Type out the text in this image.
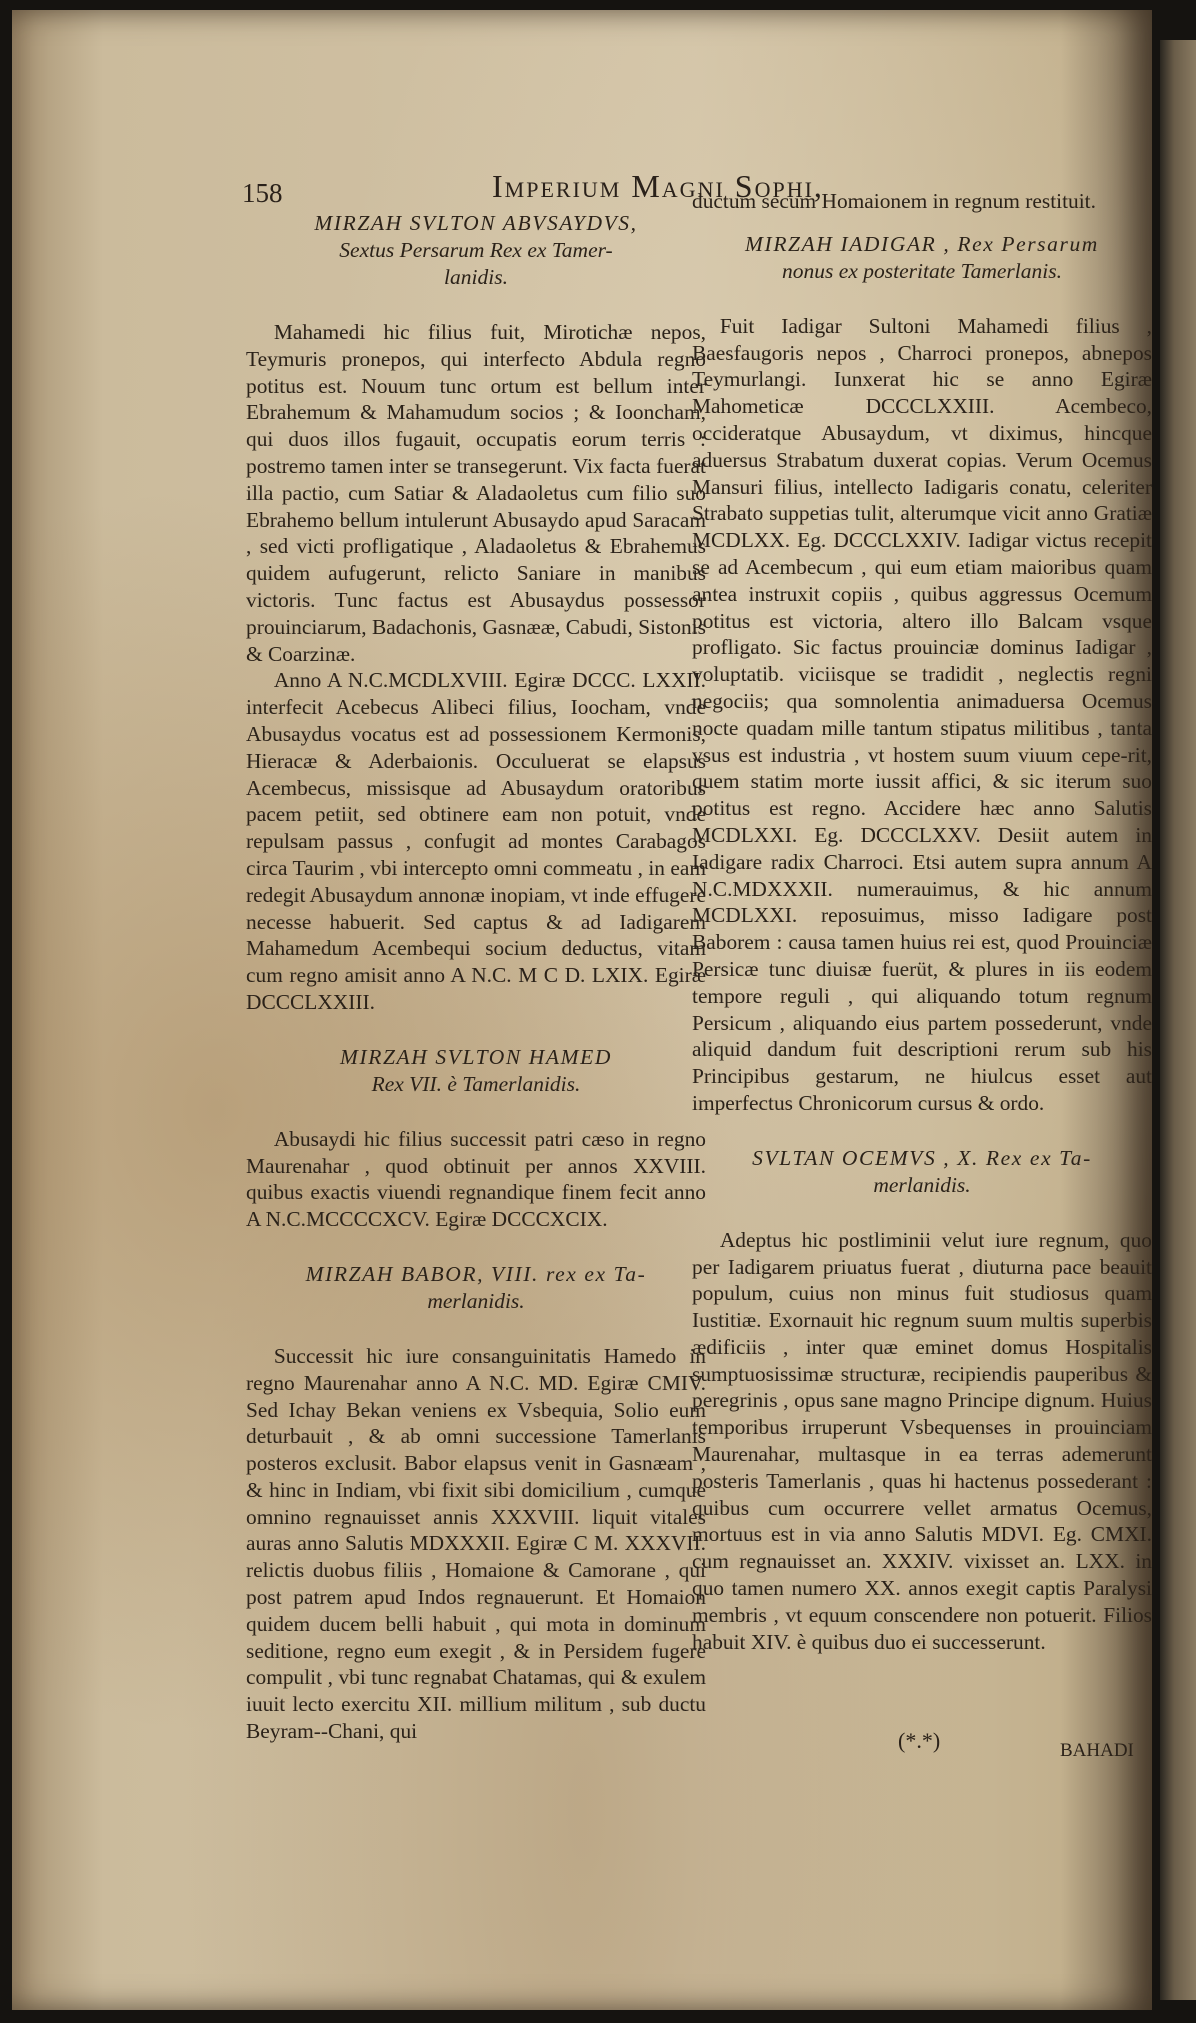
158	Imperium Magni Sophi,
MIRZAH SVLTON ABVSAYDVS,
Sextus Persarum Rex ex Tamer-
lanidis.

Mahamedi hic filius fuit, Mirotichæ nepos, Teymuris pronepos, qui interfecto Abdula regno potitus est. Nouum tunc ortum est bellum inter Ebrahemum & Mahamudum socios ; & Iooncham, qui duos illos fugauit, occupatis eorum terris : postremo tamen inter se transegerunt. Vix facta fuerat illa pactio, cum Satiar & Aladaoletus cum filio suo Ebrahemo bellum intulerunt Abusaydo apud Saracam , sed victi profligatique , Aladaoletus & Ebrahemus quidem aufugerunt, relicto Saniare in manibus victoris. Tunc factus est Abusaydus possessor prouinciarum, Badachonis, Gasnææ, Cabudi, Sistonis & Coarzinæ.

Anno A N.C.MCDLXVIII. Egiræ DCCC. LXXII. interfecit Acebecus Alibeci filius, Ioocham, vnde Abusaydus vocatus est ad possessionem Kermonis, Hieracæ & Aderbaionis. Occuluerat se elapsus Acembecus, missisque ad Abusaydum oratoribus pacem petiit, sed obtinere eam non potuit, vnde repulsam passus , confugit ad montes Carabagos circa Taurim , vbi intercepto omni commeatu , in eam redegit Abusaydum annonæ inopiam, vt inde effugere necesse habuerit. Sed captus & ad Iadigarem Mahamedum Acembequi socium deductus, vitam cum regno amisit anno A N.C. M C D. LXIX. Egiræ DCCCLXXIII.

MIRZAH SVLTON HAMED
Rex VII. è Tamerlanidis.

Abusaydi hic filius successit patri cæso in regno Maurenahar , quod obtinuit per annos XXVIII. quibus exactis viuendi regnandique finem fecit anno A N.C.MCCCCXCV. Egiræ DCCCXCIX.

MIRZAH BABOR, VIII. rex ex Ta-
merlanidis.

Successit hic iure consanguinitatis Hamedo in regno Maurenahar anno A N.C. MD. Egiræ CMIV. Sed Ichay Bekan veniens ex Vsbequia, Solio eum deturbauit , & ab omni successione Tamerlanis posteros exclusit. Babor elapsus venit in Gasnæam , & hinc in Indiam, vbi fixit sibi domicilium , cumque omnino regnauisset annis XXXVIII. liquit vitales auras anno Salutis MDXXXII. Egiræ C M. XXXVII. relictis duobus filiis , Homaione & Camorane , qui post patrem apud Indos regnauerunt. Et Homaion quidem ducem belli habuit , qui mota in dominum seditione, regno eum exegit , & in Persidem fugere compulit , vbi tunc regnabat Chatamas, qui & exulem iuuit lecto exercitu XII. millium militum , sub ductu Beyram--Chani, qui

ductum secum Homaionem in regnum restituit.

MIRZAH IADIGAR , Rex Persarum
nonus ex posteritate Tamerlanis.

Fuit Iadigar Sultoni Mahamedi filius , Baesfaugoris nepos , Charroci pronepos, abnepos Teymurlangi. Iunxerat hic se anno Egiræ Mahometicæ DCCCLXXIII. Acembeco, occideratque Abusaydum, vt diximus, hincque aduersus Strabatum duxerat copias. Verum Ocemus Mansuri filius, intellecto Iadigaris conatu, celeriter Strabato suppetias tulit, alterumque vicit anno Gratiæ MCDLXX. Eg. DCCCLXXIV. Iadigar victus recepit se ad Acembecum , qui eum etiam maioribus quam antea instruxit copiis , quibus aggressus Ocemum potitus est victoria, altero illo Balcam vsque profligato. Sic factus prouinciæ dominus Iadigar , voluptatib. viciisque se tradidit , neglectis regni negociis; qua somnolentia animaduersa Ocemus nocte quadam mille tantum stipatus militibus , tanta vsus est industria , vt hostem suum viuum cepe-rit, quem statim morte iussit affici, & sic iterum suo potitus est regno. Accidere hæc anno Salutis MCDLXXI. Eg. DCCCLXXV. Desiit autem in Iadigare radix Charroci. Etsi autem supra annum A N.C.MDXXXII. numerauimus, & hic annum MCDLXXI. reposuimus, misso Iadigare post Baborem : causa tamen huius rei est, quod Prouinciæ Persicæ tunc diuisæ fuerüt, & plures in iis eodem tempore reguli , qui aliquando totum regnum Persicum , aliquando eius partem possederunt, vnde aliquid dandum fuit descriptioni rerum sub his Principibus gestarum, ne hiulcus esset aut imperfectus Chronicorum cursus & ordo.

SVLTAN OCEMVS , X. Rex ex Ta-
merlanidis.

Adeptus hic postliminii velut iure regnum, quo per Iadigarem priuatus fuerat , diuturna pace beauit populum, cuius non minus fuit studiosus quam Iustitiæ. Exornauit hic regnum suum multis superbis ædificiis , inter quæ eminet domus Hospitalis sumptuosissimæ structuræ, recipiendis pauperibus & peregrinis , opus sane magno Principe dignum. Huius temporibus irruperunt Vsbequenses in prouinciam Maurenahar, multasque in ea terras ademerunt posteris Tamerlanis , quas hi hactenus possederant : quibus cum occurrere vellet armatus Ocemus, mortuus est in via anno Salutis MDVI. Eg. CMXI. cum regnauisset an. XXXIV. vixisset an. LXX. in quo tamen numero XX. annos exegit captis Paralysi membris , vt equum conscendere non potuerit. Filios habuit XIV. è quibus duo ei successerunt.

(*.*)	BAHADI
